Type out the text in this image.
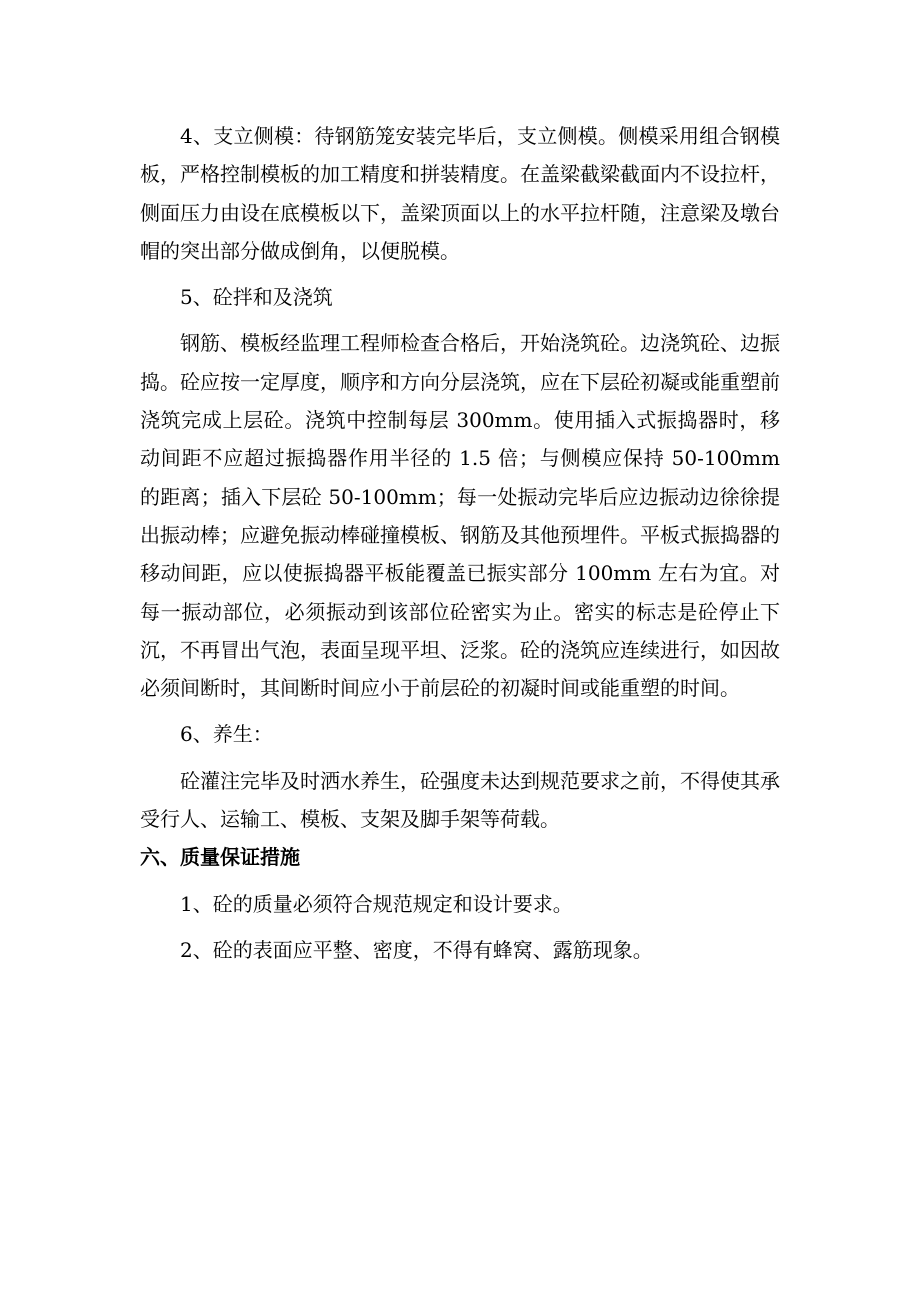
4、支立侧模：待钢筋笼安装完毕后，支立侧模。侧模采用组合钢模板，严格控制模板的加工精度和拼装精度。在盖梁截梁截面内不设拉杆，侧面压力由设在底模板以下，盖梁顶面以上的水平拉杆随，注意梁及墩台帽的突出部分做成倒角，以便脱模。

5、砼拌和及浇筑

钢筋、模板经监理工程师检查合格后，开始浇筑砼。边浇筑砼、边振捣。砼应按一定厚度，顺序和方向分层浇筑，应在下层砼初凝或能重塑前浇筑完成上层砼。浇筑中控制每层 300mm。使用插入式振捣器时，移动间距不应超过振捣器作用半径的 1.5 倍；与侧模应保持 50-100mm 的距离；插入下层砼 50-100mm；每一处振动完毕后应边振动边徐徐提出振动棒；应避免振动棒碰撞模板、钢筋及其他预埋件。平板式振捣器的移动间距，应以使振捣器平板能覆盖已振实部分 100mm 左右为宜。对每一振动部位，必须振动到该部位砼密实为止。密实的标志是砼停止下沉，不再冒出气泡，表面呈现平坦、泛浆。砼的浇筑应连续进行，如因故必须间断时，其间断时间应小于前层砼的初凝时间或能重塑的时间。

6、养生：

砼灌注完毕及时洒水养生，砼强度未达到规范要求之前，不得使其承受行人、运输工、模板、支架及脚手架等荷载。

六、质量保证措施

1、砼的质量必须符合规范规定和设计要求。

2、砼的表面应平整、密度，不得有蜂窝、露筋现象。
